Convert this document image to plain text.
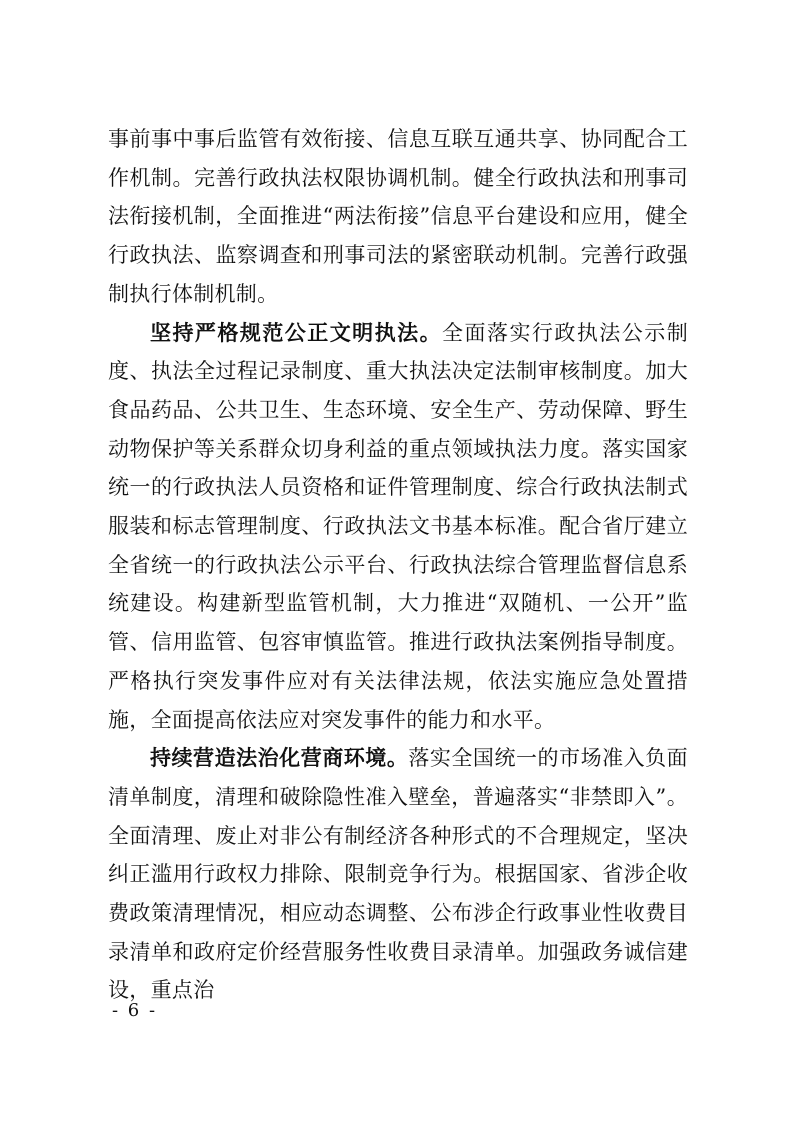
事前事中事后监管有效衔接、信息互联互通共享、协同配合工作机制。完善行政执法权限协调机制。健全行政执法和刑事司法衔接机制，全面推进“两法衔接”信息平台建设和应用，健全行政执法、监察调查和刑事司法的紧密联动机制。完善行政强制执行体制机制。

坚持严格规范公正文明执法。全面落实行政执法公示制度、执法全过程记录制度、重大执法决定法制审核制度。加大食品药品、公共卫生、生态环境、安全生产、劳动保障、野生动物保护等关系群众切身利益的重点领域执法力度。落实国家统一的行政执法人员资格和证件管理制度、综合行政执法制式服装和标志管理制度、行政执法文书基本标准。配合省厅建立全省统一的行政执法公示平台、行政执法综合管理监督信息系统建设。构建新型监管机制，大力推进“双随机、一公开”监管、信用监管、包容审慎监管。推进行政执法案例指导制度。严格执行突发事件应对有关法律法规，依法实施应急处置措施，全面提高依法应对突发事件的能力和水平。

持续营造法治化营商环境。落实全国统一的市场准入负面清单制度，清理和破除隐性准入壁垒，普遍落实“非禁即入”。全面清理、废止对非公有制经济各种形式的不合理规定，坚决纠正滥用行政权力排除、限制竞争行为。根据国家、省涉企收费政策清理情况，相应动态调整、公布涉企行政事业性收费目录清单和政府定价经营服务性收费目录清单。加强政务诚信建设，重点治

- 6 -
